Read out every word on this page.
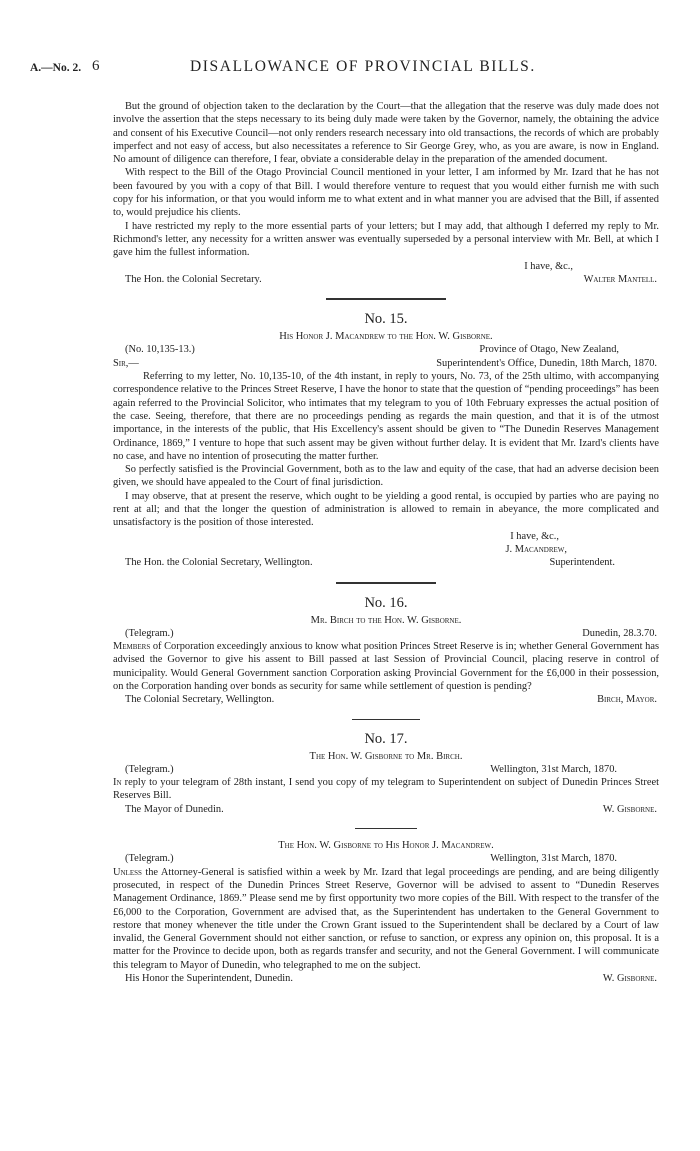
A.—No. 2. 6	DISALLOWANCE OF PROVINCIAL BILLS.

But the ground of objection taken to the declaration by the Court—that the allegation that the reserve was duly made does not involve the assertion that the steps necessary to its being duly made were taken by the Governor, namely, the obtaining the advice and consent of his Executive Council—not only renders research necessary into old transactions, the records of which are probably imperfect and not easy of access, but also necessitates a reference to Sir George Grey, who, as you are aware, is now in England. No amount of diligence can therefore, I fear, obviate a considerable delay in the preparation of the amended document.

With respect to the Bill of the Otago Provincial Council mentioned in your letter, I am informed by Mr. Izard that he has not been favoured by you with a copy of that Bill. I would therefore venture to request that you would either furnish me with such copy for his information, or that you would inform me to what extent and in what manner you are advised that the Bill, if assented to, would prejudice his clients.

I have restricted my reply to the more essential parts of your letters; but I may add, that although I deferred my reply to Mr. Richmond's letter, any necessity for a written answer was eventually superseded by a personal interview with Mr. Bell, at which I gave him the fullest information.

I have, &c.,

The Hon. the Colonial Secretary.	Walter Mantell.
No. 15.
His Honor J. Macandrew to the Hon. W. Gisborne.
(No. 10,135-13.)	Province of Otago, New Zealand,
Sir,—	Superintendent's Office, Dunedin, 18th March, 1870.

Referring to my letter, No. 10,135-10, of the 4th instant, in reply to yours, No. 73, of the 25th ultimo, with accompanying correspondence relative to the Princes Street Reserve, I have the honor to state that the question of “pending proceedings” has been again referred to the Provincial Solicitor, who intimates that my telegram to you of 10th February expresses the actual position of the case. Seeing, therefore, that there are no proceedings pending as regards the main question, and that it is of the utmost importance, in the interests of the public, that His Excellency's assent should be given to “The Dunedin Reserves Management Ordinance, 1869,” I venture to hope that such assent may be given without further delay. It is evident that Mr. Izard's clients have no case, and have no intention of prosecuting the matter further.

So perfectly satisfied is the Provincial Government, both as to the law and equity of the case, that had an adverse decision been given, we should have appealed to the Court of final jurisdiction.

I may observe, that at present the reserve, which ought to be yielding a good rental, is occupied by parties who are paying no rent at all; and that the longer the question of administration is allowed to remain in abeyance, the more complicated and unsatisfactory is the position of those interested.

I have, &c.,

J. Macandrew,

The Hon. the Colonial Secretary, Wellington.	Superintendent.
No. 16.
Mr. Birch to the Hon. W. Gisborne.
(Telegram.)	Dunedin, 28.3.70.

Members of Corporation exceedingly anxious to know what position Princes Street Reserve is in; whether General Government has advised the Governor to give his assent to Bill passed at last Session of Provincial Council, placing reserve in control of municipality. Would General Government sanction Corporation asking Provincial Government for the £6,000 in their possession, on the Corporation handing over bonds as security for same while settlement of question is pending?

The Colonial Secretary, Wellington.	Birch, Mayor.
No. 17.
The Hon. W. Gisborne to Mr. Birch.
(Telegram.)	Wellington, 31st March, 1870.

In reply to your telegram of 28th instant, I send you copy of my telegram to Superintendent on subject of Dunedin Princes Street Reserves Bill.

The Mayor of Dunedin.	W. Gisborne.
The Hon. W. Gisborne to His Honor J. Macandrew.
(Telegram.)	Wellington, 31st March, 1870.

Unless the Attorney-General is satisfied within a week by Mr. Izard that legal proceedings are pending, and are being diligently prosecuted, in respect of the Dunedin Princes Street Reserve, Governor will be advised to assent to “Dunedin Reserves Management Ordinance, 1869.” Please send me by first opportunity two more copies of the Bill. With respect to the transfer of the £6,000 to the Corporation, Government are advised that, as the Superintendent has undertaken to the General Government to restore that money whenever the title under the Crown Grant issued to the Superintendent shall be declared by a Court of law invalid, the General Government should not either sanction, or refuse to sanction, or express any opinion on, this proposal. It is a matter for the Province to decide upon, both as regards transfer and security, and not the General Government. I will communicate this telegram to Mayor of Dunedin, who telegraphed to me on the subject.

His Honor the Superintendent, Dunedin.	W. Gisborne.
